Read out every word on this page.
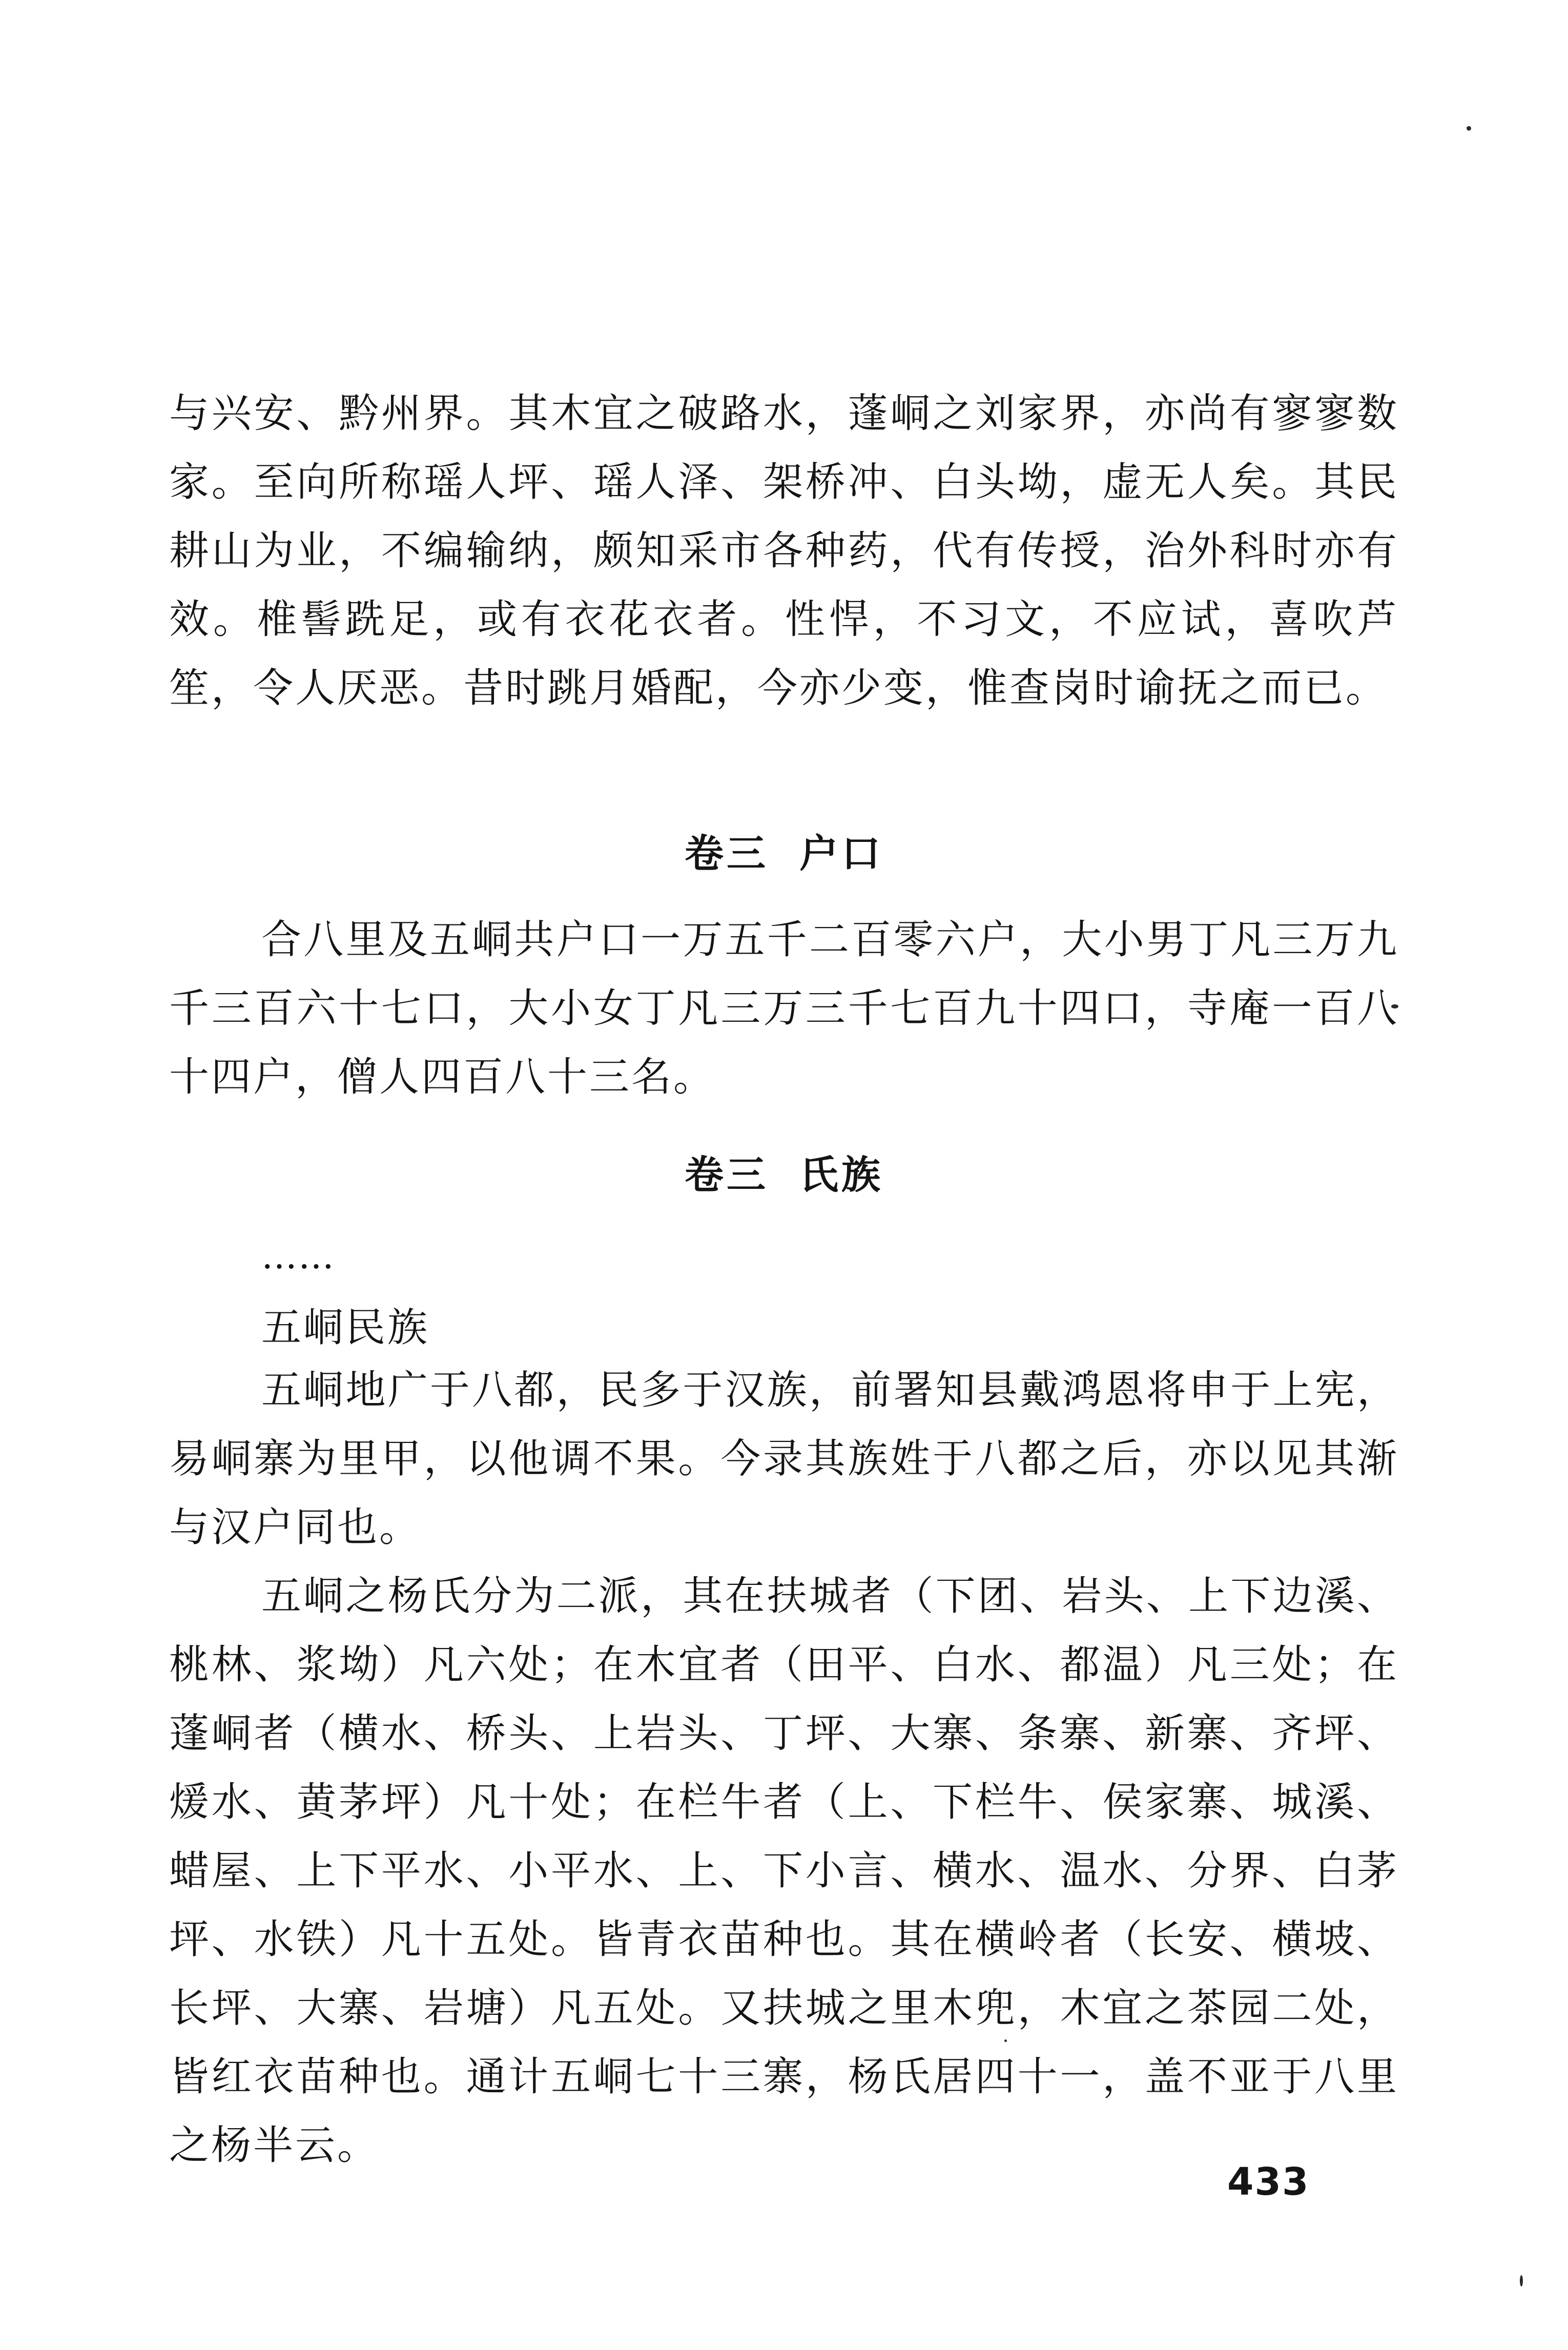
与兴安、黔州界。其木宜之破路水，蓬峒之刘家界，亦尚有寥寥数家。至向所称瑶人坪、瑶人泽、架桥冲、白头坳，虚无人矣。其民耕山为业，不编输纳，颇知采市各种药，代有传授，治外科时亦有效。椎髻跣足，或有衣花衣者。性悍，不习文，不应试，喜吹芦笙，令人厌恶。昔时跳月婚配，今亦少变，惟查岗时谕抚之而已。

卷三 户口

合八里及五峒共户口一万五千二百零六户，大小男丁凡三万九千三百六十七口，大小女丁凡三万三千七百九十四口，寺庵一百八十四户，僧人四百八十三名。

卷三 氏族
……
五峒民族

五峒地广于八都，民多于汉族，前署知县戴鸿恩将申于上宪，易峒寨为里甲，以他调不果。今录其族姓于八都之后，亦以见其渐与汉户同也。

五峒之杨氏分为二派，其在扶城者（下团、岩头、上下边溪、桃林、浆坳）凡六处；在木宜者（田平、白水、都温）凡三处；在蓬峒者（横水、桥头、上岩头、丁坪、大寨、条寨、新寨、齐坪、煖水、黄茅坪）凡十处；在栏牛者（上、下栏牛、侯家寨、城溪、蜡屋、上下平水、小平水、上、下小言、横水、温水、分界、白茅坪、水铁）凡十五处。皆青衣苗种也。其在横岭者（长安、横坡、长坪、大寨、岩塘）凡五处。又扶城之里木兜，木宜之茶园二处，皆红衣苗种也。通计五峒七十三寨，杨氏居四十一，盖不亚于八里之杨半云。

433
